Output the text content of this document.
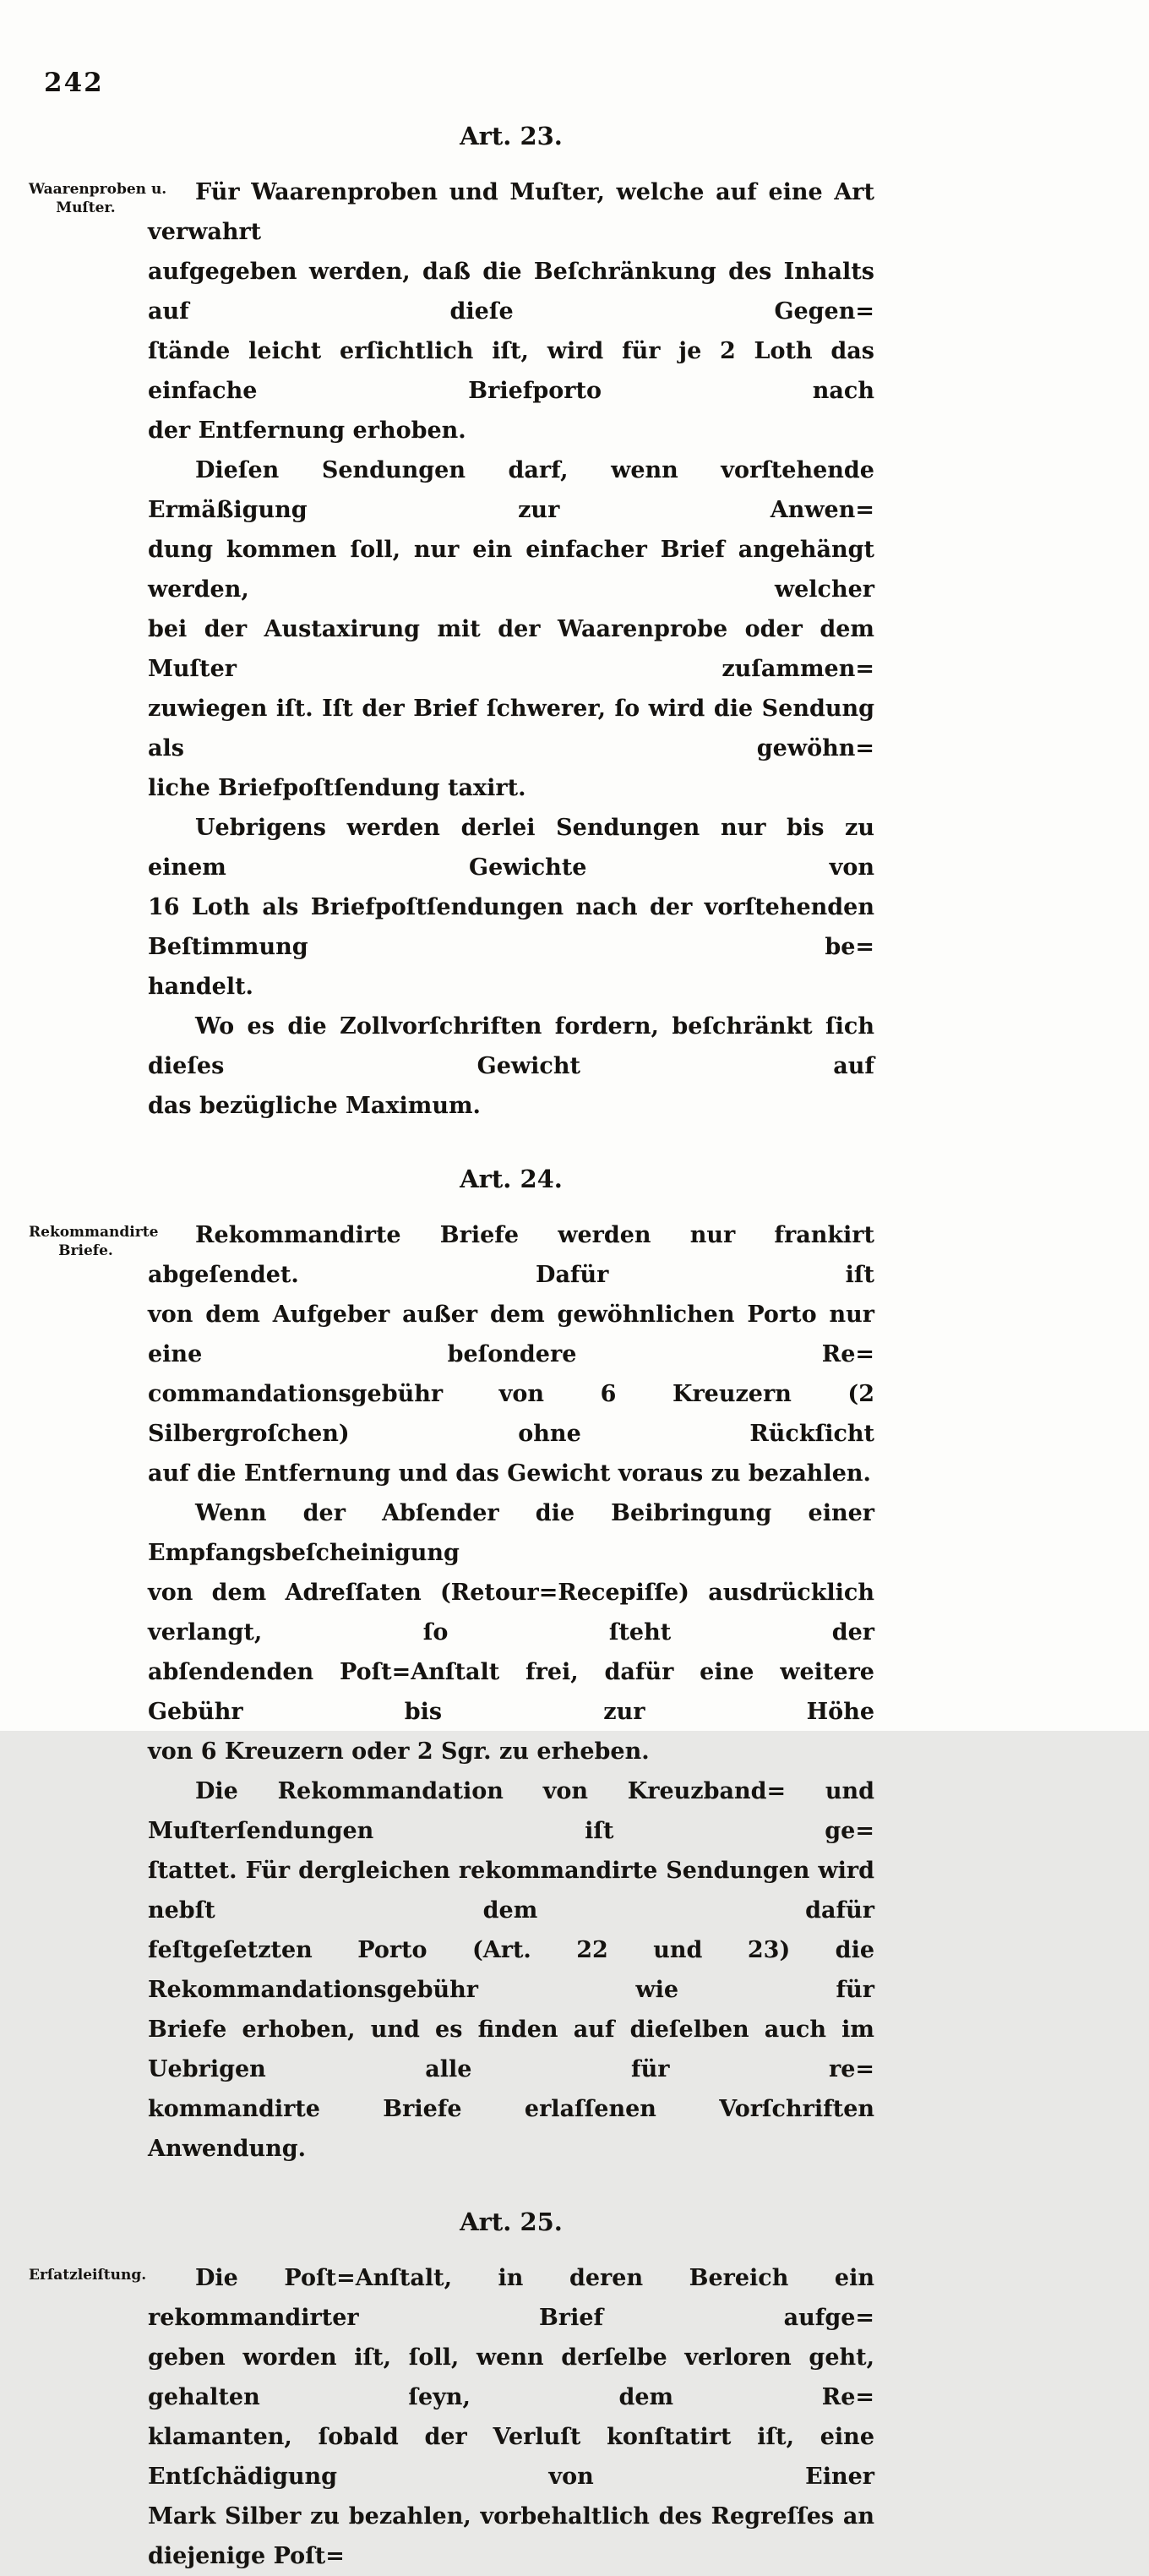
242
Art. 23.
Waarenproben u.
Muſter.
Für Waarenproben und Muſter, welche auf eine Art verwahrt
aufgegeben werden, daß die Beſchränkung des Inhalts auf dieſe Gegen=
ſtände leicht erſichtlich iſt, wird für je 2 Loth das einfache Briefporto nach
der Entfernung erhoben.
Dieſen Sendungen darf, wenn vorſtehende Ermäßigung zur Anwen=
dung kommen ſoll, nur ein einfacher Brief angehängt werden, welcher
bei der Austaxirung mit der Waarenprobe oder dem Muſter zuſammen=
zuwiegen iſt. Iſt der Brief ſchwerer, ſo wird die Sendung als gewöhn=
liche Briefpoſtſendung taxirt.
Uebrigens werden derlei Sendungen nur bis zu einem Gewichte von
16 Loth als Briefpoſtſendungen nach der vorſtehenden Beſtimmung be=
handelt.
Wo es die Zollvorſchriften fordern, beſchränkt ſich dieſes Gewicht auf
das bezügliche Maximum.
Art. 24.
Rekommandirte
Briefe.
Rekommandirte Briefe werden nur frankirt abgeſendet. Dafür iſt
von dem Aufgeber außer dem gewöhnlichen Porto nur eine beſondere Re=
commandationsgebühr von 6 Kreuzern (2 Silbergroſchen) ohne Rückſicht
auf die Entfernung und das Gewicht voraus zu bezahlen.
Wenn der Abſender die Beibringung einer Empfangsbeſcheinigung
von dem Adreſſaten (Retour=Recepiſſe) ausdrücklich verlangt, ſo ſteht der
abſendenden Poſt=Anſtalt frei, dafür eine weitere Gebühr bis zur Höhe
von 6 Kreuzern oder 2 Sgr. zu erheben.
Die Rekommandation von Kreuzband= und Muſterſendungen iſt ge=
ſtattet. Für dergleichen rekommandirte Sendungen wird nebſt dem dafür
feſtgeſetzten Porto (Art. 22 und 23) die Rekommandationsgebühr wie für
Briefe erhoben, und es finden auf dieſelben auch im Uebrigen alle für re=
kommandirte Briefe erlaſſenen Vorſchriften Anwendung.
Art. 25.
Erſatzleiſtung.	Die Poſt=Anſtalt, in deren Bereich ein rekommandirter Brief aufge=
geben worden iſt, ſoll, wenn derſelbe verloren geht, gehalten ſeyn, dem Re=
klamanten, ſobald der Verluſt konſtatirt iſt, eine Entſchädigung von Einer
Mark Silber zu bezahlen, vorbehaltlich des Regreſſes an diejenige Poſt=
